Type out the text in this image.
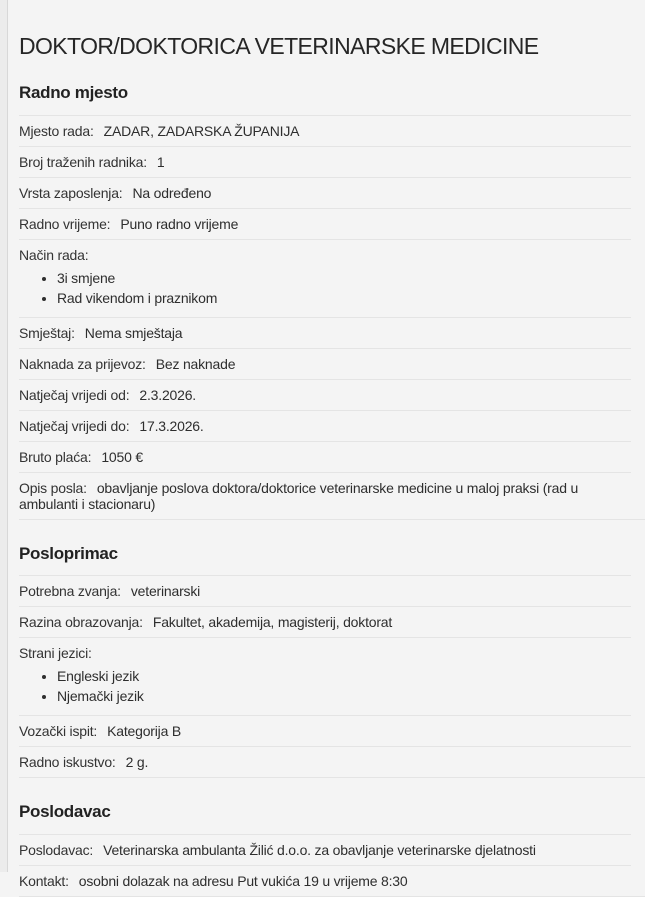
DOKTOR/DOKTORICA VETERINARSKE MEDICINE
Radno mjesto
Mjesto rada: ZADAR, ZADARSKA ŽUPANIJA
Broj traženih radnika: 1
Vrsta zaposlenja: Na određeno
Radno vrijeme: Puno radno vrijeme
Način rada:
• 3i smjene
• Rad vikendom i praznikom
Smještaj: Nema smještaja
Naknada za prijevoz: Bez naknade
Natječaj vrijedi od: 2.3.2026.
Natječaj vrijedi do: 17.3.2026.
Bruto plaća: 1050 €
Opis posla: obavljanje poslova doktora/doktorice veterinarske medicine u maloj praksi (rad u ambulanti i stacionaru)
Posloprimac
Potrebna zvanja: veterinarski
Razina obrazovanja: Fakultet, akademija, magisterij, doktorat
Strani jezici:
• Engleski jezik
• Njemački jezik
Vozački ispit: Kategorija B
Radno iskustvo: 2 g.
Poslodavac
Poslodavac: Veterinarska ambulanta Žilić d.o.o. za obavljanje veterinarske djelatnosti
Kontakt: osobni dolazak na adresu Put vukića 19 u vrijeme 8:30
